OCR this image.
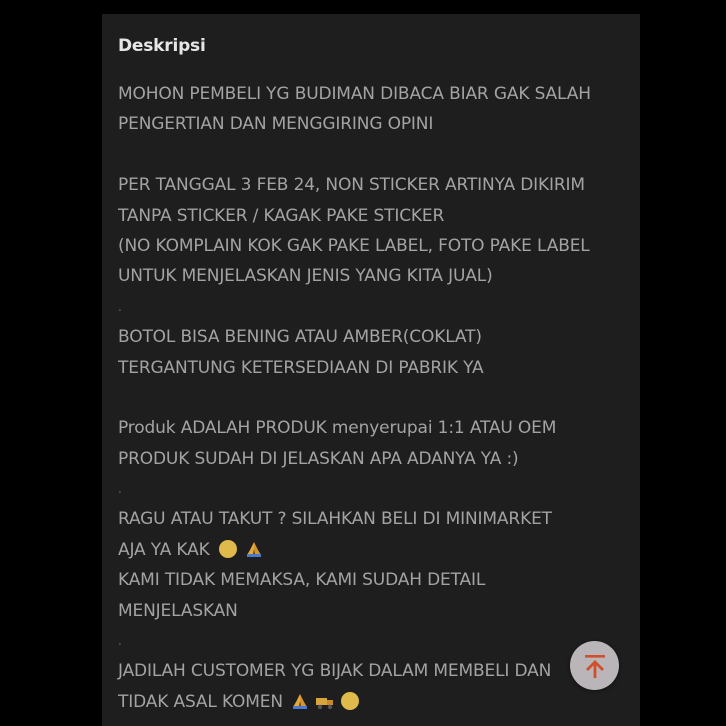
Deskripsi
MOHON PEMBELI YG BUDIMAN DIBACA BIAR GAK SALAH
PENGERTIAN DAN MENGGIRING OPINI
PER TANGGAL 3 FEB 24, NON STICKER ARTINYA DIKIRIM
TANPA STICKER / KAGAK PAKE STICKER
(NO KOMPLAIN KOK GAK PAKE LABEL, FOTO PAKE LABEL
UNTUK MENJELASKAN JENIS YANG KITA JUAL)
.
BOTOL BISA BENING ATAU AMBER(COKLAT)
TERGANTUNG KETERSEDIAAN DI PABRIK YA
Produk ADALAH PRODUK menyerupai 1:1 ATAU OEM
PRODUK SUDAH DI JELASKAN APA ADANYA YA :)
.
RAGU ATAU TAKUT ? SILAHKAN BELI DI MINIMARKET
AJA YA KAK
KAMI TIDAK MEMAKSA, KAMI SUDAH DETAIL
MENJELASKAN
.
JADILAH CUSTOMER YG BIJAK DALAM MEMBELI DAN
TIDAK ASAL KOMEN
